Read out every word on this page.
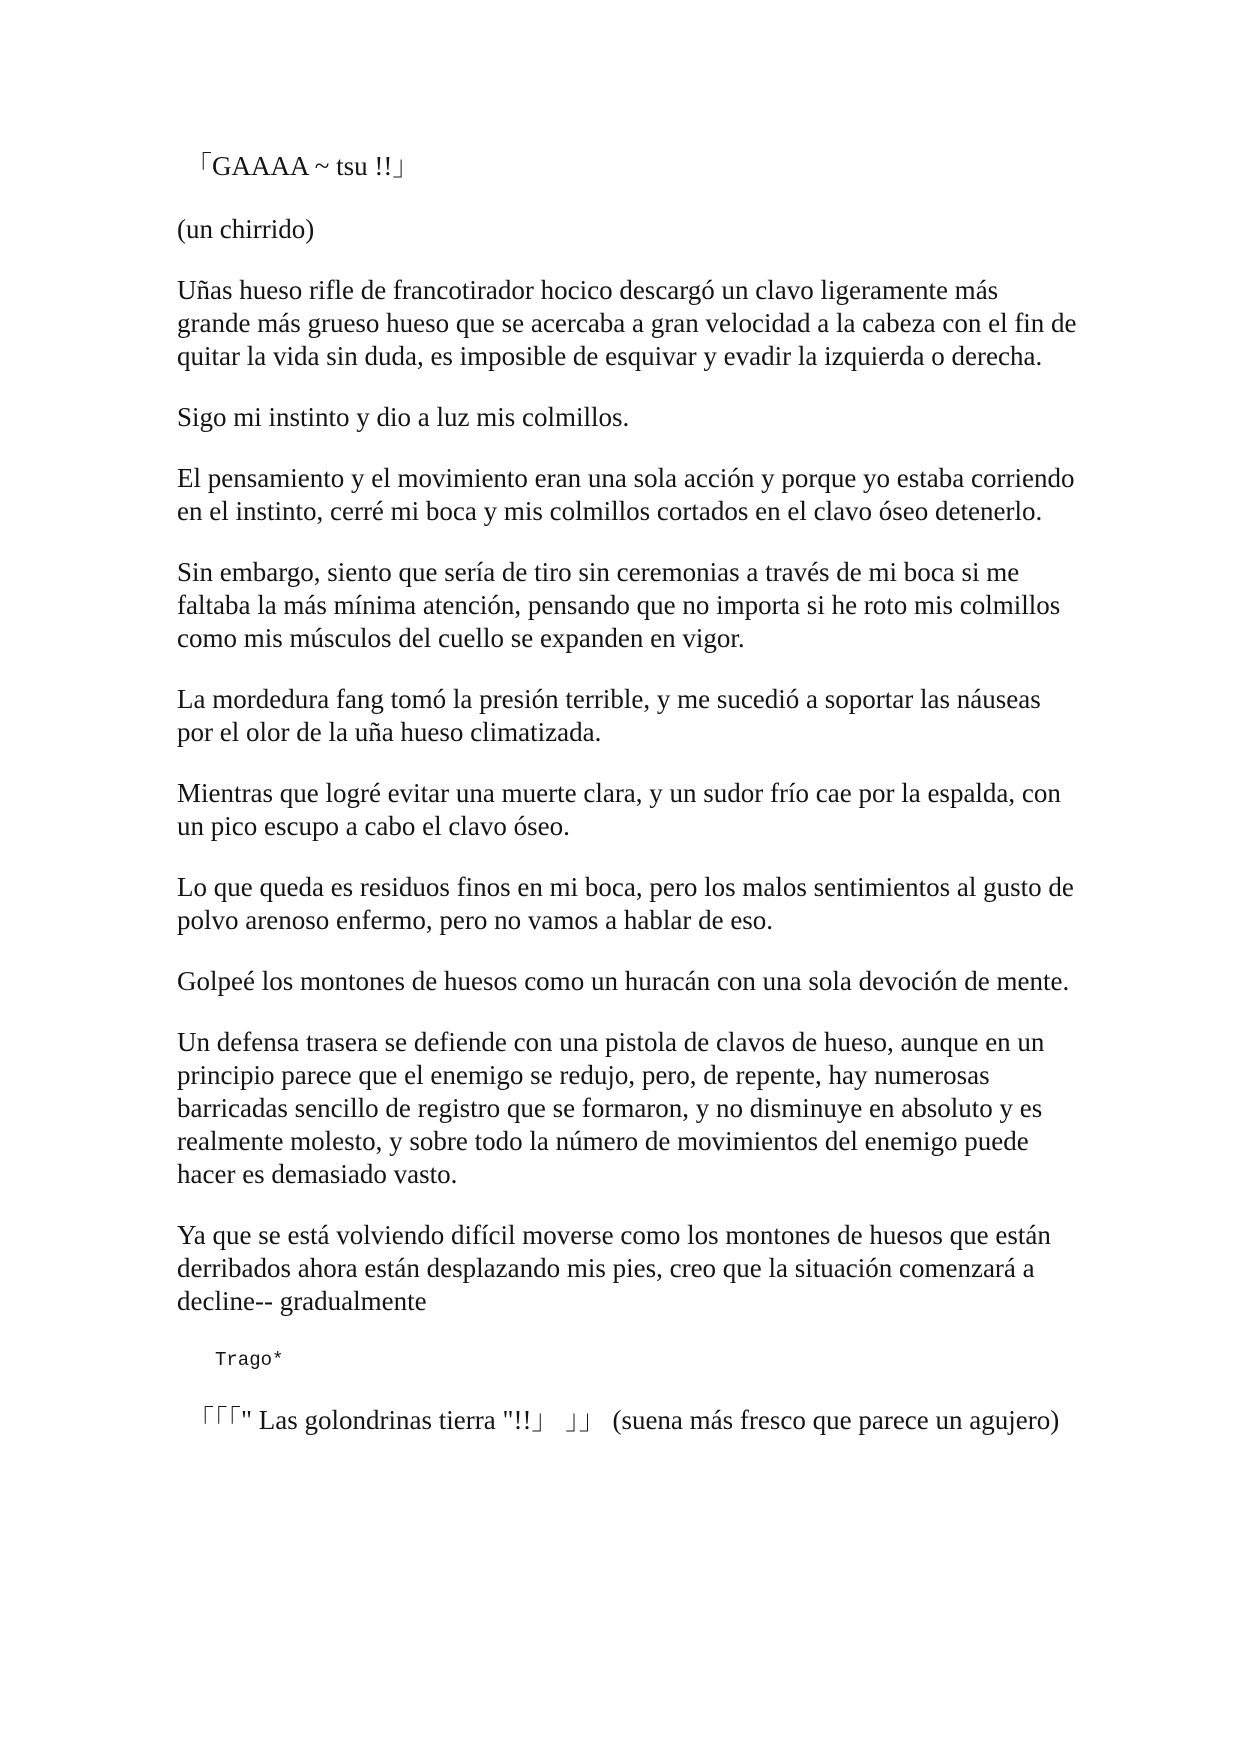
「GAAAA ~ tsu !!」

(un chirrido)

Uñas hueso rifle de francotirador hocico descargó un clavo ligeramente más grande más grueso hueso que se acercaba a gran velocidad a la cabeza con el fin de quitar la vida sin duda, es imposible de esquivar y evadir la izquierda o derecha.

Sigo mi instinto y dio a luz mis colmillos.

El pensamiento y el movimiento eran una sola acción y porque yo estaba corriendo en el instinto, cerré mi boca y mis colmillos cortados en el clavo óseo detenerlo.

Sin embargo, siento que sería de tiro sin ceremonias a través de mi boca si me faltaba la más mínima atención, pensando que no importa si he roto mis colmillos como mis músculos del cuello se expanden en vigor.

La mordedura fang tomó la presión terrible, y me sucedió a soportar las náuseas por el olor de la uña hueso climatizada.

Mientras que logré evitar una muerte clara, y un sudor frío cae por la espalda, con un pico escupo a cabo el clavo óseo.

Lo que queda es residuos finos en mi boca, pero los malos sentimientos al gusto de polvo arenoso enfermo, pero no vamos a hablar de eso.

Golpeé los montones de huesos como un huracán con una sola devoción de mente.

Un defensa trasera se defiende con una pistola de clavos de hueso, aunque en un principio parece que el enemigo se redujo, pero, de repente, hay numerosas barricadas sencillo de registro que se formaron, y no disminuye en absoluto y es realmente molesto, y sobre todo la número de movimientos del enemigo puede hacer es demasiado vasto.

Ya que se está volviendo difícil moverse como los montones de huesos que están derribados ahora están desplazando mis pies, creo que la situación comenzará a decline-- gradualmente

Trago*

「「「" Las golondrinas tierra "!!」 」」 (suena más fresco que parece un agujero)
